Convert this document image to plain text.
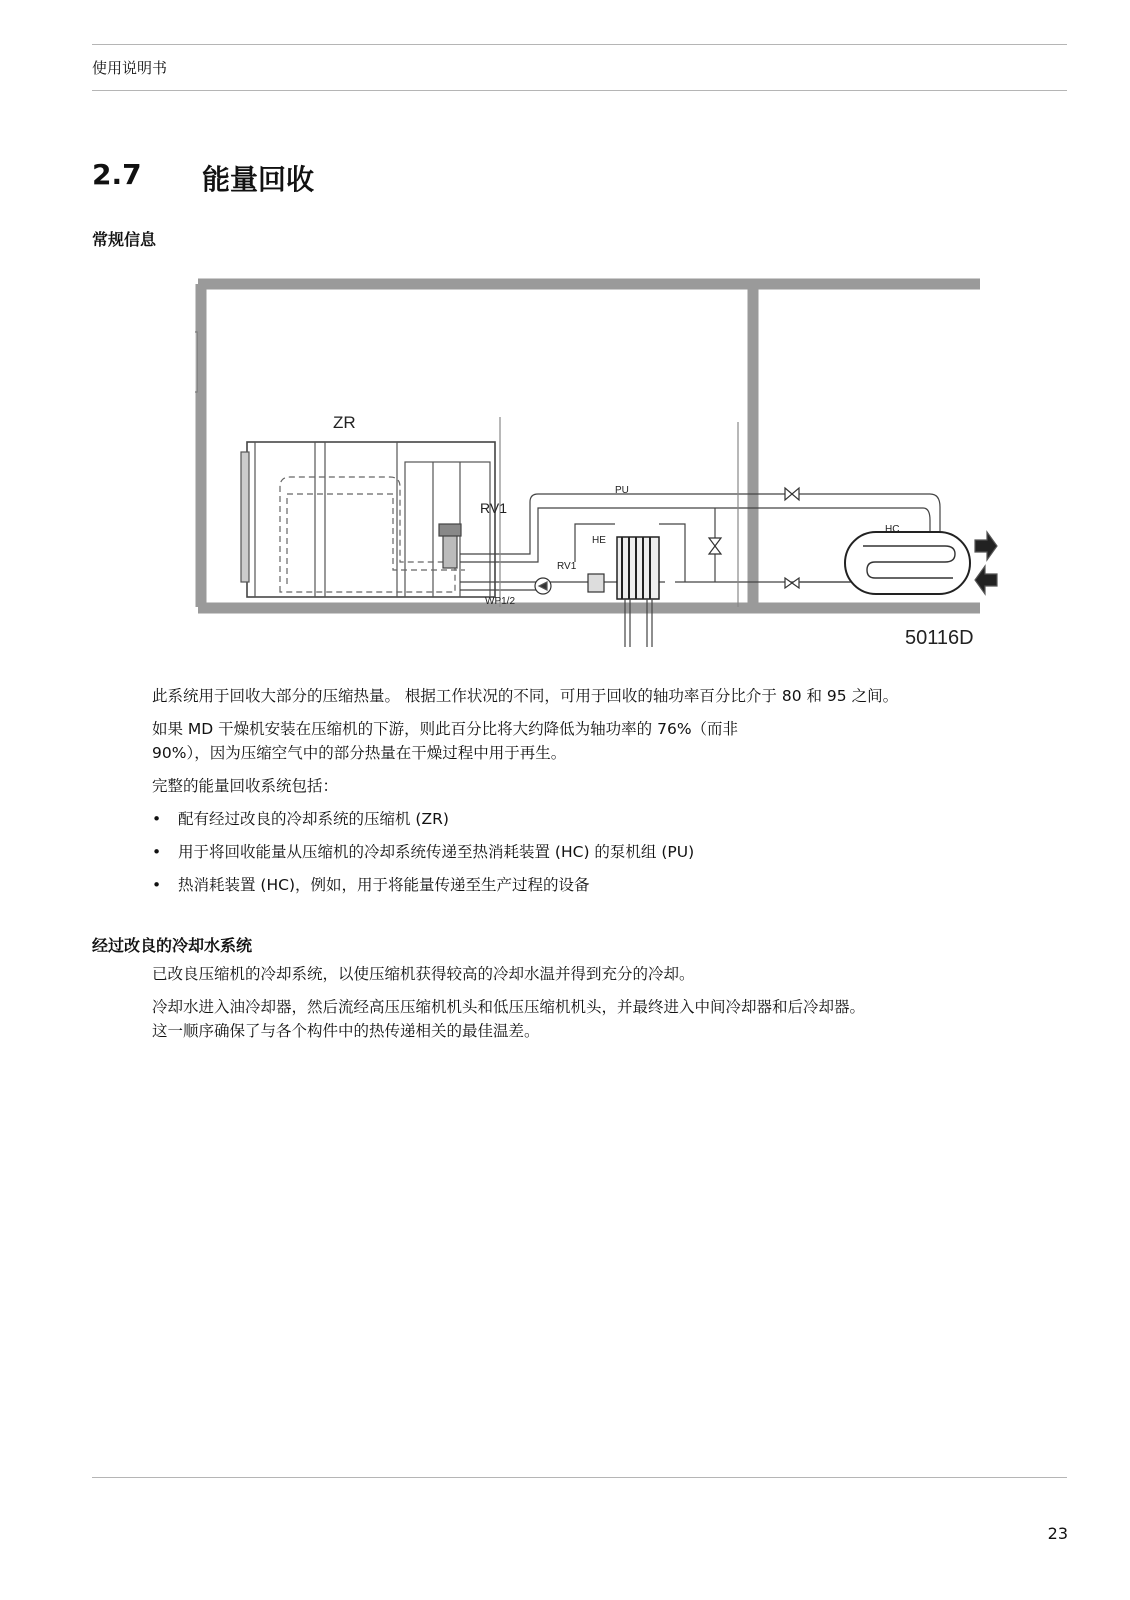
使用说明书
2.7	能量回收
常规信息
ZR
RV1
PU
HE
RV1
HC
WP1/2
50116D

此系统用于回收大部分的压缩热量。 根据工作状况的不同，可用于回收的轴功率百分比介于 80 和 95 之间。

如果 MD 干燥机安装在压缩机的下游，则此百分比将大约降低为轴功率的 76%（而非
90%），因为压缩空气中的部分热量在干燥过程中用于再生。

完整的能量回收系统包括：

•	配有经过改良的冷却系统的压缩机 (ZR)
•	用于将回收能量从压缩机的冷却系统传递至热消耗装置 (HC) 的泵机组 (PU)
•	热消耗装置 (HC)，例如，用于将能量传递至生产过程的设备
经过改良的冷却水系统

已改良压缩机的冷却系统，以使压缩机获得较高的冷却水温并得到充分的冷却。

冷却水进入油冷却器，然后流经高压压缩机机头和低压压缩机机头，并最终进入中间冷却器和后冷却器。
这一顺序确保了与各个构件中的热传递相关的最佳温差。

23
